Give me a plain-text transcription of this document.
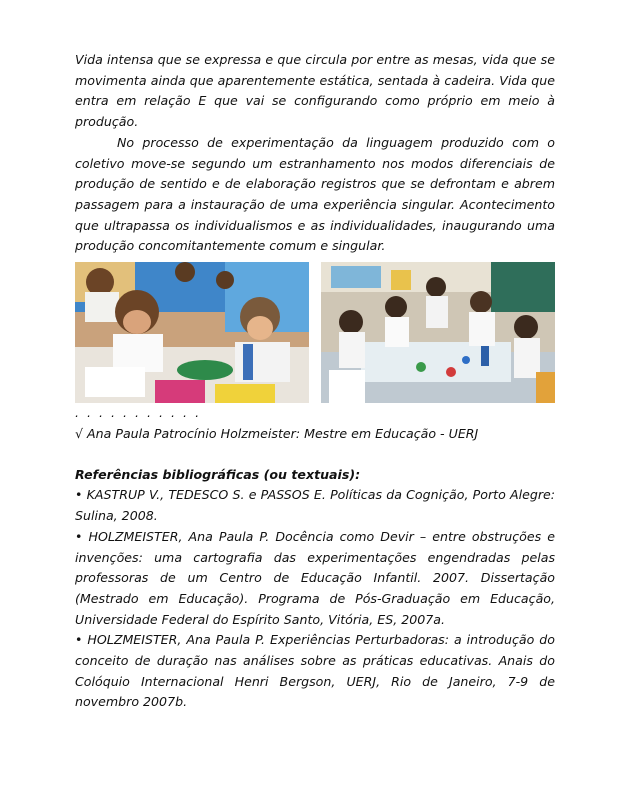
Vida intensa que se expressa e que circula por entre as mesas, vida que se movimenta ainda que aparentemente estática, sentada à cadeira. Vida que entra em relação E que vai se configurando como próprio em meio à produção.

No processo de experimentação da linguagem produzido com o coletivo move-se segundo um estranhamento nos modos diferenciais de produção de sentido e de elaboração registros que se defrontam e abrem passagem para a instauração de uma experiência singular. Acontecimento que ultrapassa os individualismos e as individualidades, inaugurando uma produção concomitantemente comum e singular.

. . . . . . . . . . .

√ Ana Paula Patrocínio Holzmeister: Mestre em Educação - UERJ

Referências bibliográficas (ou textuais):

• KASTRUP V., TEDESCO S. e PASSOS E. Políticas da Cognição, Porto Alegre: Sulina, 2008.

• HOLZMEISTER, Ana Paula P. Docência como Devir – entre obstruções e invenções: uma cartografia das experimentações engendradas pelas professoras de um Centro de Educação Infantil. 2007. Dissertação (Mestrado em Educação). Programa de Pós-Graduação em Educação, Universidade Federal do Espírito Santo, Vitória, ES, 2007a.

• HOLZMEISTER, Ana Paula P. Experiências Perturbadoras: a introdução do conceito de duração nas análises sobre as práticas educativas. Anais do Colóquio Internacional Henri Bergson, UERJ, Rio de Janeiro, 7-9 de novembro 2007b.
